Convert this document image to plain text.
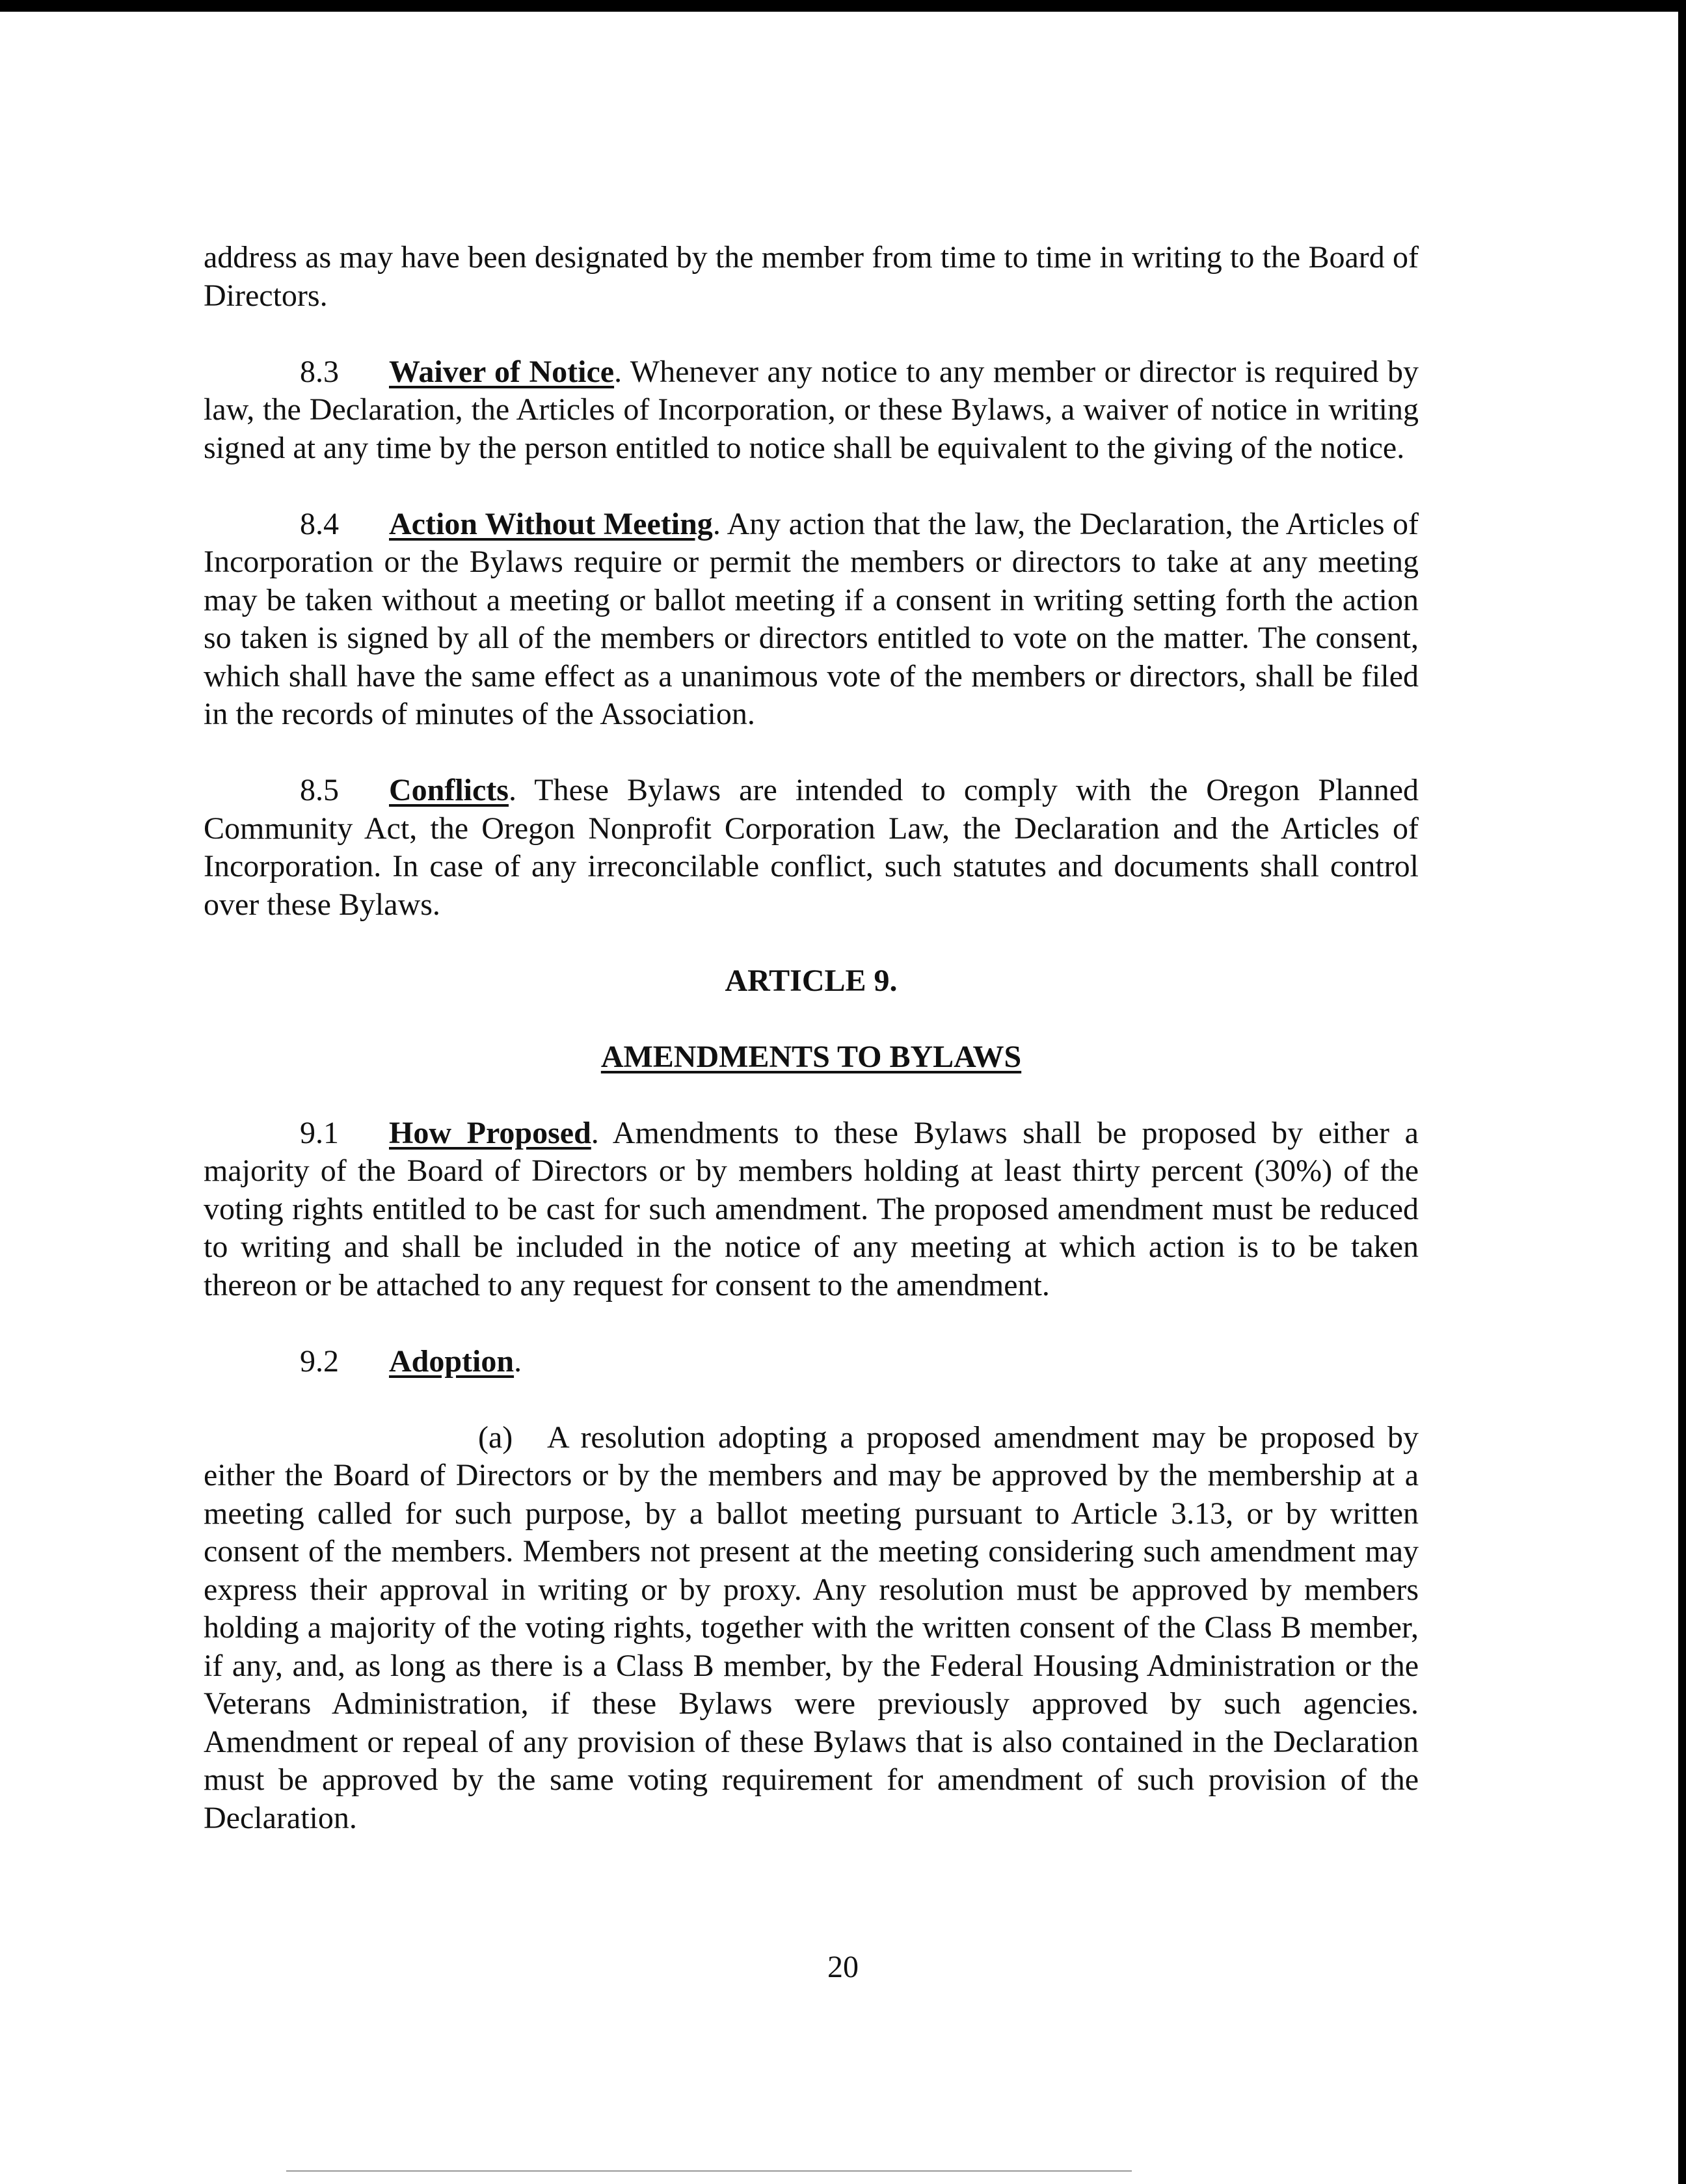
address as may have been designated by the member from time to time in writing to the Board of Directors.

8.3 Waiver of Notice. Whenever any notice to any member or director is required by law, the Declaration, the Articles of Incorporation, or these Bylaws, a waiver of notice in writing signed at any time by the person entitled to notice shall be equivalent to the giving of the notice.

8.4 Action Without Meeting. Any action that the law, the Declaration, the Articles of Incorporation or the Bylaws require or permit the members or directors to take at any meeting may be taken without a meeting or ballot meeting if a consent in writing setting forth the action so taken is signed by all of the members or directors entitled to vote on the matter. The consent, which shall have the same effect as a unanimous vote of the members or directors, shall be filed in the records of minutes of the Association.

8.5 Conflicts. These Bylaws are intended to comply with the Oregon Planned Community Act, the Oregon Nonprofit Corporation Law, the Declaration and the Articles of Incorporation. In case of any irreconcilable conflict, such statutes and documents shall control over these Bylaws.

ARTICLE 9.

AMENDMENTS TO BYLAWS

9.1 How Proposed. Amendments to these Bylaws shall be proposed by either a majority of the Board of Directors or by members holding at least thirty percent (30%) of the voting rights entitled to be cast for such amendment. The proposed amendment must be reduced to writing and shall be included in the notice of any meeting at which action is to be taken thereon or be attached to any request for consent to the amendment.

9.2 Adoption.

(a) A resolution adopting a proposed amendment may be proposed by either the Board of Directors or by the members and may be approved by the membership at a meeting called for such purpose, by a ballot meeting pursuant to Article 3.13, or by written consent of the members. Members not present at the meeting considering such amendment may express their approval in writing or by proxy. Any resolution must be approved by members holding a majority of the voting rights, together with the written consent of the Class B member, if any, and, as long as there is a Class B member, by the Federal Housing Administration or the Veterans Administration, if these Bylaws were previously approved by such agencies. Amendment or repeal of any provision of these Bylaws that is also contained in the Declaration must be approved by the same voting requirement for amendment of such provision of the Declaration.

20
